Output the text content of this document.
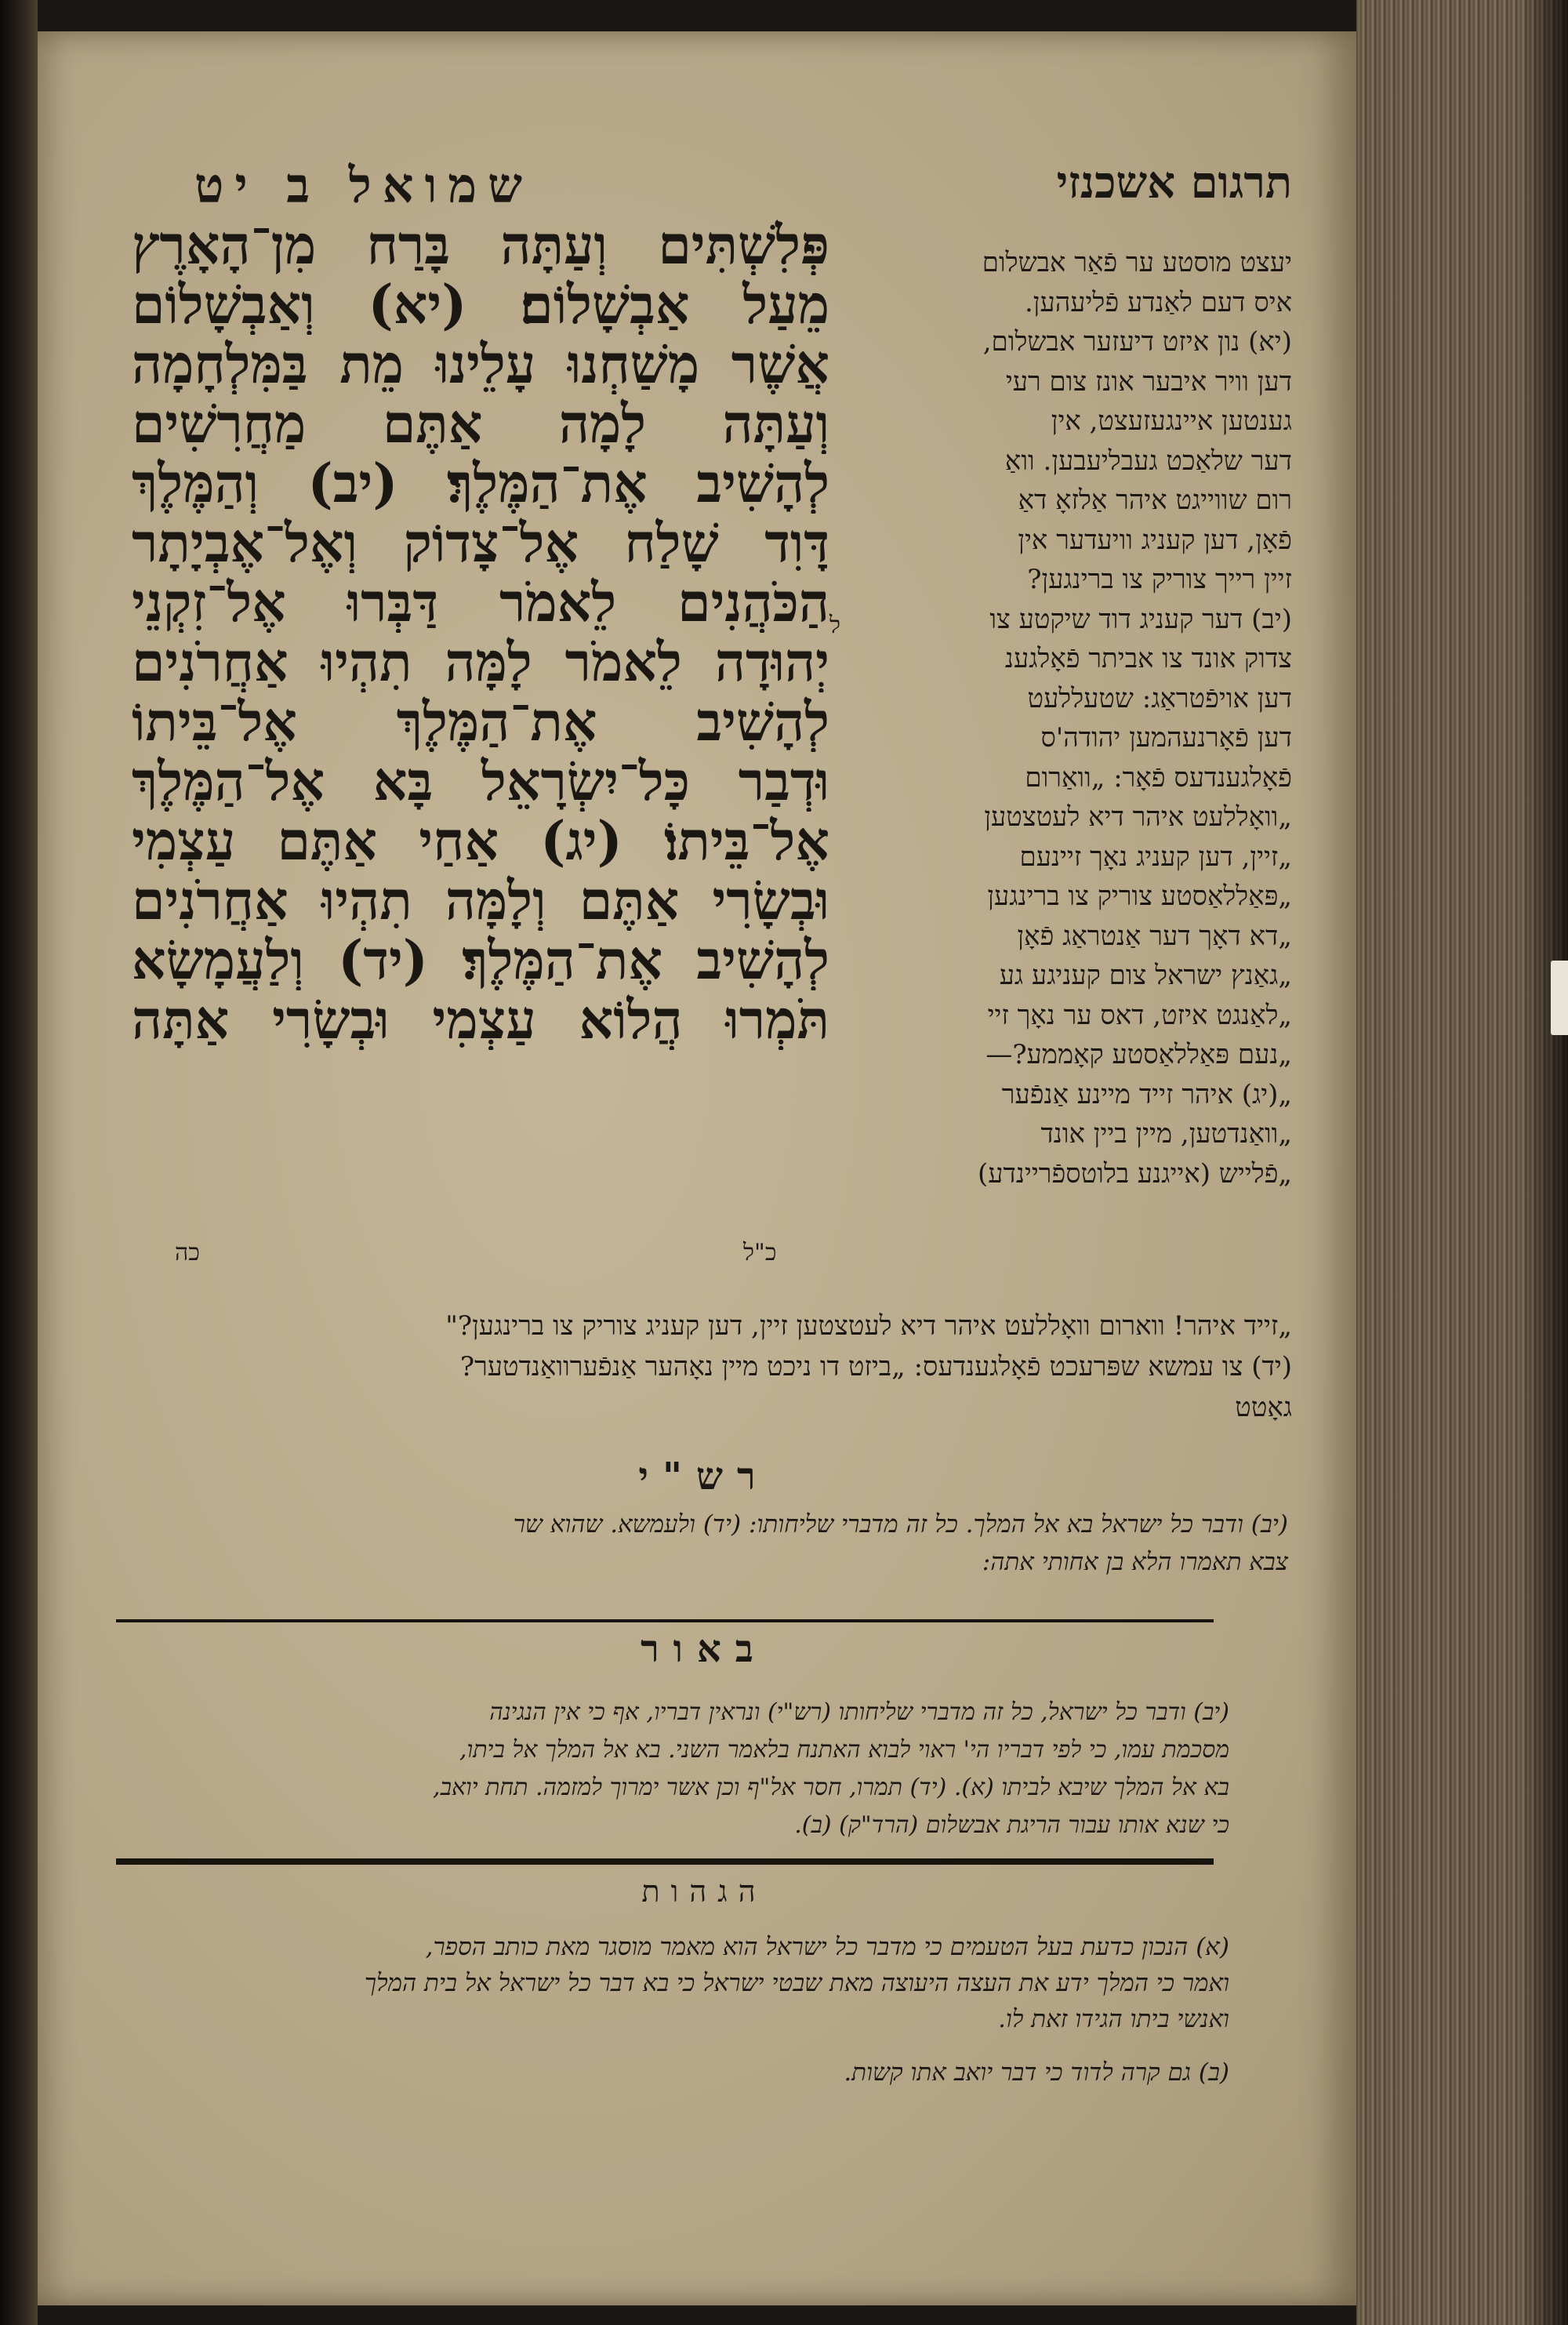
שמואל ב יט	תרגום אשכנזי
פְּלִשְׁתִּים וְעַתָּה בָּרַח מִן־הָאָרֶץ
מֵעַל אַבְשָׁלוֹם׃ (יא) וְאַבְשָׁלוֹם
אֲשֶׁר מָשַׁחְנוּ עָלֵינוּ מֵת בַּמִּלְחָמָה
וְעַתָּה לָמָה אַתֶּם מַחֲרִשִׁים
לְהָשִׁיב אֶת־הַמֶּלֶךְ׃ (יב) וְהַמֶּלֶךְ
דָּוִד שָׁלַח אֶל־צָדוֹק וְאֶל־אֶבְיָתָר
הַכֹּהֲנִים לֵאמֹר דַּבְּרוּ אֶל־זִקְנֵי
יְהוּדָה לֵאמֹר לָמָּה תִהְיוּ אַחֲרֹנִים
לְהָשִׁיב אֶת־הַמֶּלֶךְ אֶל־בֵּיתוֹ
וּדְבַר כָּל־יִשְׂרָאֵל בָּא אֶל־הַמֶּלֶךְ
אֶל־בֵּיתוֹ׃ (יג) אַחַי אַתֶּם עַצְמִי
וּבְשָׂרִי אַתֶּם וְלָמָּה תִהְיוּ אַחֲרֹנִים
לְהָשִׁיב אֶת־הַמֶּלֶךְ׃ (יד) וְלַעֲמָשָׂא
תֹּמְרוּ הֲלוֹא עַצְמִי וּבְשָׂרִי אַתָּה
ל
כה	כ"ל
יעצט מוסטע ער פֿאַר אבשלום
איס דעם לאַנדע פֿליעהען.
(יא) נון איזט דיעזער אבשלום,
דען וויר איבער אונז צום רעי
גענטען איינגעזעצט, אין
דער שלאַכט געבליעבען. וואַ
רום שווייגט איהר אַלזאָ דאַ
פֿאָן, דען קעניג וויעדער אין
זיין רייך צוריק צו ברינגען?
(יב) דער קעניג דוד שיקטע צו
צדוק אונד צו אביתר פֿאָלגענ
דען אויפֿטראַג: שטעללעט
דען פֿאָרנעהמען יהודה'ס
פֿאָלגענדעס פֿאָר: „וואַרום
„וואָללעט איהר דיא לעטצטען
„זיין, דען קעניג נאָך זיינעם
„פּאַללאַסטע צוריק צו ברינגען
„דא דאָך דער אַנטראַג פֿאָן
„גאַנץ ישראל צום קעניגע גע
„לאַנגט איזט, דאס ער נאָך זיי
„נעם פּאַללאַסטע קאָממע?—
„(יג) איהר זייד מיינע אַנפֿער
„וואַנדטען, מיין ביין אונד
„פֿלייש (אייגנע בלוטספֿריינדע)
„זייד איהר! ווארום וואָללעט איהר דיא לעטצטען זיין, דען קעניג צוריק צו ברינגען?"
(יד) צו עמשא שפּרעכט פֿאָלגענדעס: „ביזט דו ניכט מיין נאָהער אַנפֿערוואַנדטער?
גאָטט
רש"י
(יב) ודבר כל ישראל בא אל המלך. כל זה מדברי שליחותו: (יד) ולעמשא. שהוא שר
צבא תאמרו הלא בן אחותי אתה:
באור
(יב) ודבר כל ישראל, כל זה מדברי שליחותו (רש"י) ונראין דבריו, אף כי אין הנגינה
מסכמת עמו, כי לפי דבריו הי' ראוי לבוא האתנח בלאמר השני. בא אל המלך אל ביתו,
בא אל המלך שיבא לביתו (א). (יד) תמרו, חסר אל"ף וכן אשר ימרוך למזמה. תחת יואב,
כי שנא אותו עבור הריגת אבשלום (הרד"ק) (ב).
הגהות
(א) הנכון כדעת בעל הטעמים כי מדבר כל ישראל הוא מאמר מוסגר מאת כותב הספר,
ואמר כי המלך ידע את העצה היעוצה מאת שבטי ישראל כי בא דבר כל ישראל אל בית המלך
ואנשי ביתו הגידו זאת לו.
(ב) גם קרה לדוד כי דבר יואב אתו קשות.
